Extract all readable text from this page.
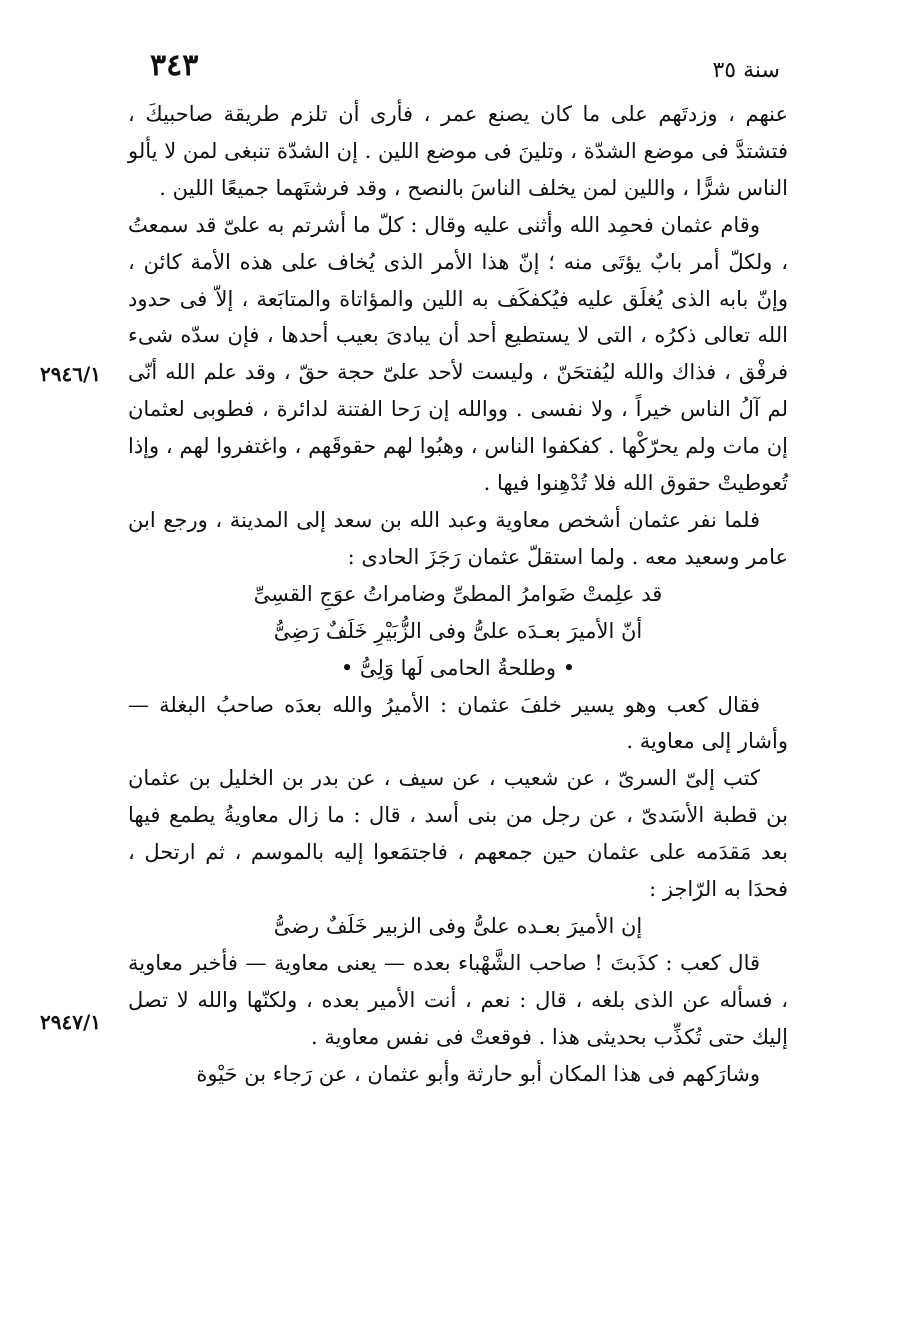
سنة ٣٥
٣٤٣
٢٩٤٦/١
٢٩٤٧/١

عنهم ، وزدتَهم على ما كان يصنع عمر ، فأرى أن تلزم طريقة صاحبيكَ ، فتشتدَّ فى موضع الشدّة ، وتلينَ فى موضع اللين . إن الشدّة تنبغى لمن لا يألو الناس شرًّا ، واللين لمن يخلف الناسَ بالنصح ، وقد فرشتَهما جميعًا اللين .

وقام عثمان فحمِد الله وأثنى عليه وقال : كلّ ما أشرتم به علىّ قد سمعتُ ، ولكلّ أمر بابٌ يؤتَى منه ؛ إنّ هذا الأمر الذى يُخاف على هذه الأمة كائن ، وإنّ بابه الذى يُغلَق عليه فيُكفكَف به اللين والمؤاتاة والمتابَعة ، إلاّ فى حدود الله تعالى ذكرُه ، التى لا يستطيع أحد أن يبادىَ بعيب أحدها ، فإن سدّه شىء فرفْق ، فذاك والله ليُفتحَنّ ، وليست لأحد علىّ حجة حقّ ، وقد علم الله أنّى لم آلُ الناس خيراً ، ولا نفسى . ووالله إن رَحا الفتنة لدائرة ، فطوبى لعثمان إن مات ولم يحرّكْها . كفكفوا الناس ، وهبُوا لهم حقوقَهم ، واغتفروا لهم ، وإذا تُعوطيتْ حقوق الله فلا تُدْهِنوا فيها .

فلما نفر عثمان أشخص معاوية وعبد الله بن سعد إلى المدينة ، ورجع ابن عامر وسعيد معه . ولما استقلّ عثمان رَجَزَ الحادى :

قد علِمتْ ضَوامرُ المطىِّ وضامراتُ عوَجِ القسِىِّ

أنّ الأميرَ بعـدَه علىُّ وفى الزُّبَيْرِ خَلَفٌ رَضِىُّ

• وطلحةُ الحامى لَها وَلِىُّ •

فقال كعب وهو يسير خلفَ عثمان : الأميرُ والله بعدَه صاحبُ البغلة — وأشار إلى معاوية .

كتب إلىّ السرىّ ، عن شعيب ، عن سيف ، عن بدر بن الخليل بن عثمان بن قطبة الأسَدىّ ، عن رجل من بنى أسد ، قال : ما زال معاويةُ يطمع فيها بعد مَقدَمه على عثمان حين جمعهم ، فاجتمَعوا إليه بالموسم ، ثم ارتحل ، فحدَا به الرّاجز :

إن الأميرَ بعـده علىُّ وفى الزبير خَلَفٌ رضىُّ

قال كعب : كذَبتَ ! صاحب الشَّهْباء بعده — يعنى معاوية — فأخبر معاوية ، فسأله عن الذى بلغه ، قال : نعم ، أنت الأمير بعده ، ولكنّها والله لا تصل إليك حتى تُكذِّب بحديثى هذا . فوقعتْ فى نفس معاوية .

وشارَكهم فى هذا المكان أبو حارثة وأبو عثمان ، عن رَجاء بن حَيْوة
